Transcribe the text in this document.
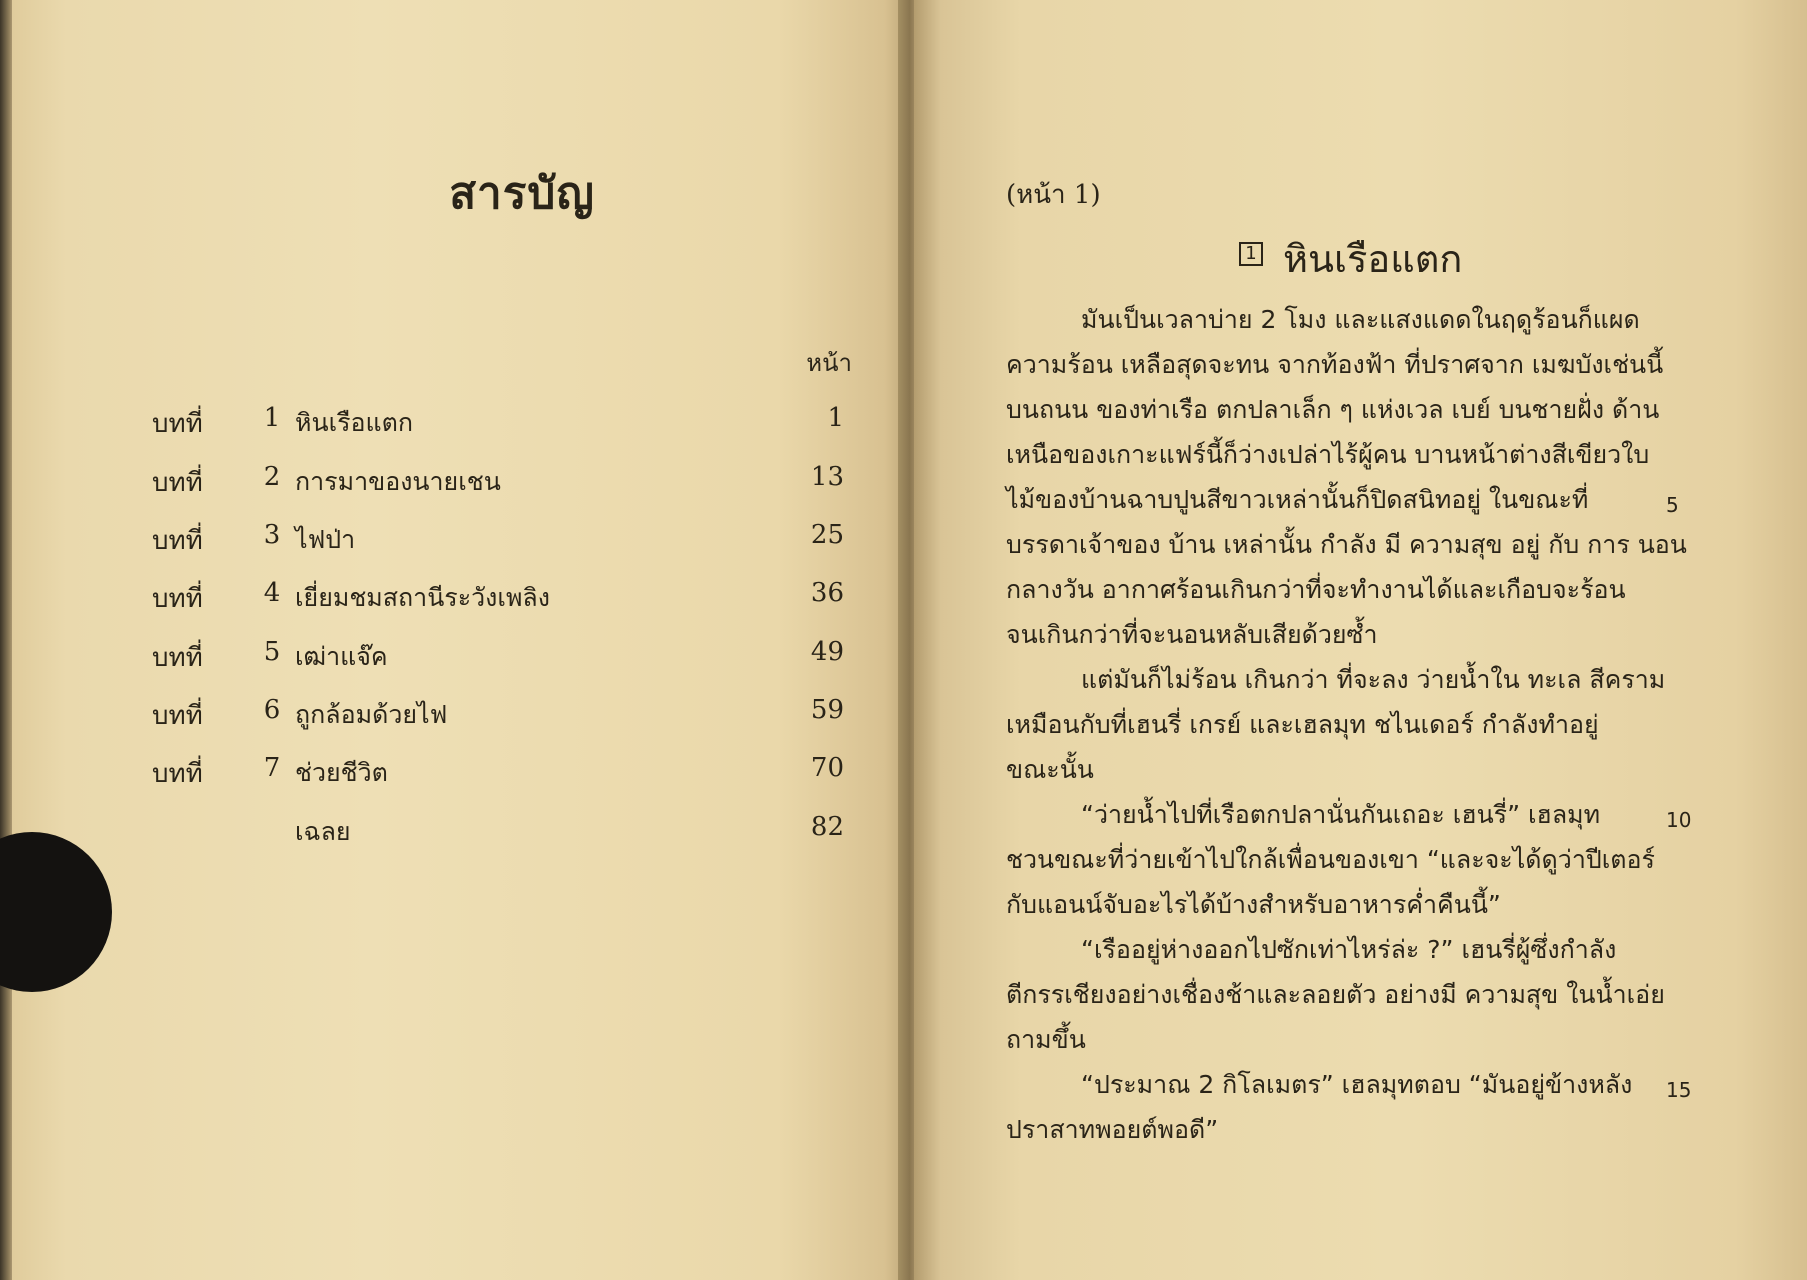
สารบัญ
หน้า
บทที่	1 หินเรือแตก	1
บทที่	2 การมาของนายเชน	13
บทที่	3 ไฟป่า	25
บทที่	4 เยี่ยมชมสถานีระวังเพลิง	36
บทที่	5 เฒ่าแจ๊ค	49
บทที่	6 ถูกล้อมด้วยไฟ	59
บทที่	7 ช่วยชีวิต	70
เฉลย	82
(หน้า 1)
1 หินเรือแตก
มันเป็นเวลาบ่าย 2 โมง และแสงแดดในฤดูร้อนก็แผด
ความร้อน เหลือสุดจะทน จากท้องฟ้า ที่ปราศจาก เมฆบังเช่นนี้
บนถนน ของท่าเรือ ตกปลาเล็ก ๆ แห่งเวล เบย์ บนชายฝั่ง ด้าน
เหนือของเกาะแฟร์นี้ก็ว่างเปล่าไร้ผู้คน บานหน้าต่างสีเขียวใบ
ไม้ของบ้านฉาบปูนสีขาวเหล่านั้นก็ปิดสนิทอยู่ ในขณะที่
บรรดาเจ้าของ บ้าน เหล่านั้น กำลัง มี ความสุข อยู่ กับ การ นอน
กลางวัน อากาศร้อนเกินกว่าที่จะทำงานได้และเกือบจะร้อน
จนเกินกว่าที่จะนอนหลับเสียด้วยซ้ำ
แต่มันก็ไม่ร้อน เกินกว่า ที่จะลง ว่ายน้ำใน ทะเล สีคราม
เหมือนกับที่เฮนรี่ เกรย์ และเฮลมุท ชไนเดอร์ กำลังทำอยู่
ขณะนั้น
“ว่ายน้ำไปที่เรือตกปลานั่นกันเถอะ เฮนรี่” เฮลมุท
ชวนขณะที่ว่ายเข้าไปใกล้เพื่อนของเขา “และจะได้ดูว่าปีเตอร์
กับแอนน์จับอะไรได้บ้างสำหรับอาหารค่ำคืนนี้”
“เรืออยู่ห่างออกไปซักเท่าไหร่ล่ะ ?” เฮนรี่ผู้ซึ่งกำลัง
ตีกรรเชียงอย่างเชื่องช้าและลอยตัว อย่างมี ความสุข ในน้ำเอ่ย
ถามขึ้น
“ประมาณ 2 กิโลเมตร” เฮลมุทตอบ “มันอยู่ข้างหลัง
ปราสาทพอยต์พอดี”
5
10
15
